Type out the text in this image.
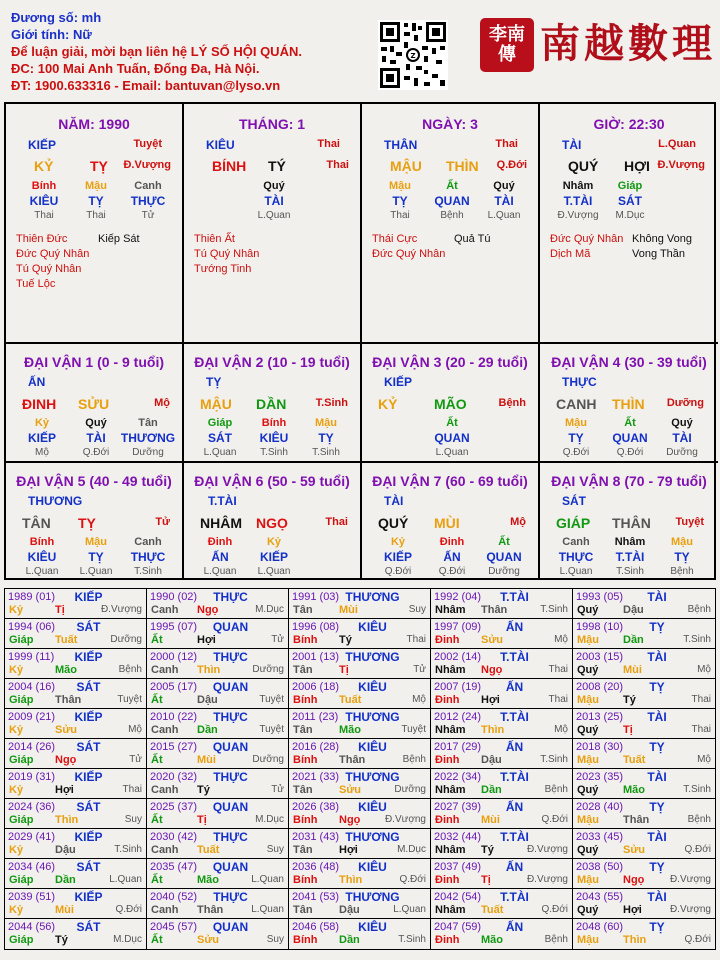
Đương số: mh
Giới tính: Nữ
Để luận giải, mời bạn liên hệ LÝ SỐ HỘI QUÁN.
ĐC: 100 Mai Anh Tuấn, Đống Đa, Hà Nội.
ĐT: 1900.633316 - Email: bantuvan@lyso.vn
Z
李南
傳 南越數理
NĂM: 1990
KIẾP	Tuyệt
KỶ	TỴ Đ.Vượng
Bính
KIÊU
Thai
Mậu
TỴ
Thai
Canh
THỰC
Tử
Thiên Đức	Kiếp Sát
Đức Quý Nhân
Tú Quý Nhân
Tuế Lộc
THÁNG: 1
KIÊU	Thai
BÍNH TÝ	Thai
Quý
TÀI
L.Quan
Thiên Ất
Tú Quý Nhân
Tướng Tinh
NGÀY: 3
THÂN	Thai
MẬU THÌN Q.Đới
Mậu
TỴ
Thai
Ất
QUAN
Bệnh
Quý
TÀI
L.Quan
Thái Cực	Quả Tú
Đức Quý Nhân
GIỜ: 22:30
TÀI	L.Quan
QUÝ HỢI Đ.Vượng
Nhâm
T.TÀI
Đ.Vượng
Giáp
SÁT
M.Dục
Đức Quý Nhân Không Vong
Dịch Mã	Vong Thần
ĐẠI VẬN 1 (0 - 9 tuổi)
ẤN
ĐINH SỬU	Mộ
Kỷ
KIẾP
Mộ
Quý
TÀI
Q.Đới
Tân
THƯƠNG
Dưỡng
ĐẠI VẬN 2 (10 - 19 tuổi)
TỴ
MẬU DẦN	T.Sinh
Giáp
SÁT
L.Quan
Bính
KIÊU
T.Sinh
Mậu
TỴ
T.Sinh
ĐẠI VẬN 3 (20 - 29 tuổi)
KIẾP
KỶ	MÃO	Bệnh
Ất
QUAN
L.Quan
ĐẠI VẬN 4 (30 - 39 tuổi)
THỰC
CANH THÌN Dưỡng
Mậu
TỴ
Q.Đới
Ất
QUAN
Q.Đới
Quý
TÀI
Dưỡng
ĐẠI VẬN 5 (40 - 49 tuổi)
THƯƠNG
TÂN TỴ	Tử
Bính
KIÊU
L.Quan
Mậu
TỴ
L.Quan
Canh
THỰC
T.Sinh
ĐẠI VẬN 6 (50 - 59 tuổi)
T.TÀI
NHÂM NGỌ	Thai
Đinh
ẤN
L.Quan
Kỷ
KIẾP
L.Quan
ĐẠI VẬN 7 (60 - 69 tuổi)
TÀI
QUÝ MÙI	Mộ
Kỷ
KIẾP
Q.Đới
Đinh
ẤN
Q.Đới
Ất
QUAN
Dưỡng
ĐẠI VẬN 8 (70 - 79 tuổi)
SÁT
GIÁP THÂN Tuyệt
Canh
THỰC
L.Quan
Nhâm
T.TÀI
T.Sinh
Mậu
TỴ
Bệnh
1989 (01)	KIẾP
Kỷ	Tị	Đ.Vượng
1990 (02)	THỰC
Canh Ngọ	M.Dục
1991 (03) THƯƠNG
Tân Mùi	Suy
1992 (04)	T.TÀI
Nhâm Thân	T.Sinh
1993 (05)	TÀI
Quý Dậu	Bệnh
1994 (06)	SÁT
Giáp Tuất	Dưỡng
1995 (07)	QUAN
Ất	Hợi	Tử
1996 (08)	KIÊU
Bính Tý	Thai
1997 (09)	ẤN
Đinh Sửu	Mộ
1998 (10)	TỴ
Mậu Dần	T.Sinh
1999 (11)	KIẾP
Kỷ	Mão	Bệnh
2000 (12)	THỰC
Canh Thìn	Dưỡng
2001 (13) THƯƠNG
Tân Tị	Tử
2002 (14)	T.TÀI
Nhâm Ngọ	Thai
2003 (15)	TÀI
Quý Mùi	Mộ
2004 (16)	SÁT
Giáp Thân	Tuyệt
2005 (17)	QUAN
Ất	Dậu	Tuyệt
2006 (18)	KIÊU
Bính Tuất	Mộ
2007 (19)	ẤN
Đinh Hợi	Thai
2008 (20)	TỴ
Mậu Tý	Thai
2009 (21)	KIẾP
Kỷ	Sửu	Mộ
2010 (22)	THỰC
Canh Dần	Tuyệt
2011 (23) THƯƠNG
Tân Mão	Tuyệt
2012 (24)	T.TÀI
Nhâm Thìn	Mộ
2013 (25)	TÀI
Quý Tị	Thai
2014 (26)	SÁT
Giáp Ngọ	Tử
2015 (27)	QUAN
Ất	Mùi	Dưỡng
2016 (28)	KIÊU
Bính Thân	Bệnh
2017 (29)	ẤN
Đinh Dậu	T.Sinh
2018 (30)	TỴ
Mậu Tuất	Mộ
2019 (31)	KIẾP
Kỷ	Hợi	Thai
2020 (32)	THỰC
Canh Tý	Tử
2021 (33) THƯƠNG
Tân Sửu	Dưỡng
2022 (34)	T.TÀI
Nhâm Dần	Bệnh
2023 (35)	TÀI
Quý Mão	T.Sinh
2024 (36)	SÁT
Giáp Thìn	Suy
2025 (37)	QUAN
Ất	Tị	M.Dục
2026 (38)	KIÊU
Bính Ngọ Đ.Vượng
2027 (39)	ẤN
Đinh Mùi	Q.Đới
2028 (40)	TỴ
Mậu Thân	Bệnh
2029 (41)	KIẾP
Kỷ	Dậu	T.Sinh
2030 (42)	THỰC
Canh Tuất	Suy
2031 (43) THƯƠNG
Tân Hợi	M.Dục
2032 (44)	T.TÀI
Nhâm Tý	Đ.Vượng
2033 (45)	TÀI
Quý Sửu	Q.Đới
2034 (46)	SÁT
Giáp Dần	L.Quan
2035 (47)	QUAN
Ất	Mão	L.Quan
2036 (48)	KIÊU
Bính Thìn	Q.Đới
2037 (49)	ẤN
Đinh Tị	Đ.Vượng
2038 (50)	TỴ
Mậu Ngọ	Đ.Vượng
2039 (51)	KIẾP
Kỷ	Mùi	Q.Đới
2040 (52)	THỰC
Canh Thân	L.Quan
2041 (53) THƯƠNG
Tân Dậu	L.Quan
2042 (54)	T.TÀI
Nhâm Tuất	Q.Đới
2043 (55)	TÀI
Quý Hợi	Đ.Vượng
2044 (56)	SÁT
Giáp Tý	M.Dục
2045 (57)	QUAN
Ất	Sửu	Suy
2046 (58)	KIÊU
Bính Dần	T.Sinh
2047 (59)	ẤN
Đinh Mão	Bệnh
2048 (60)	TỴ
Mậu Thìn	Q.Đới
